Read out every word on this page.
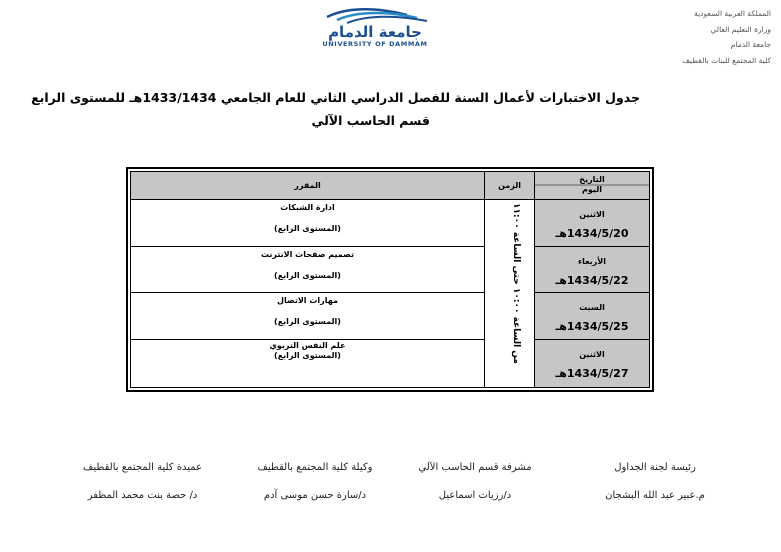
جامعة الدمام
UNIVERSITY OF DAMMAM
المملكة العربية السعودية
وزارة التعليم العالي
جامعة الدمام
كلية المجتمع للبنات بالقطيف
جدول الاختبارات لأعمال السنة للفصل الدراسي الثاني للعام الجامعي 1433/1434هـ للمستوى الرابع
قسم الحاسب الآلي
المقرر	الزمن
التاريخ
اليوم
الاثنين
1434/5/20هـ
الأربعاء
1434/5/22هـ
السبت
1434/5/25هـ
الاثنين
1434/5/27هـ
من الساعة ١٠:٠٠ حتى الساعة ١١:٠٠
ادارة الشبكات
(المستوى الرابع)
تصميم صفحات الانترنت
(المستوى الرابع)
مهارات الاتصال
(المستوى الرابع)
علم النفس التربوي
(المستوى الرابع)
رئيسة لجنة الجداول
م.عبير عبد الله البشجان
مشرفة قسم الحاسب الآلي
د/رزيات اسماعيل
وكيلة كلية المجتمع بالقطيف
د/سارة حسن موسى آدم
عميدة كلية المجتمع بالقطيف
د/ حصة بنت محمد المظفر
